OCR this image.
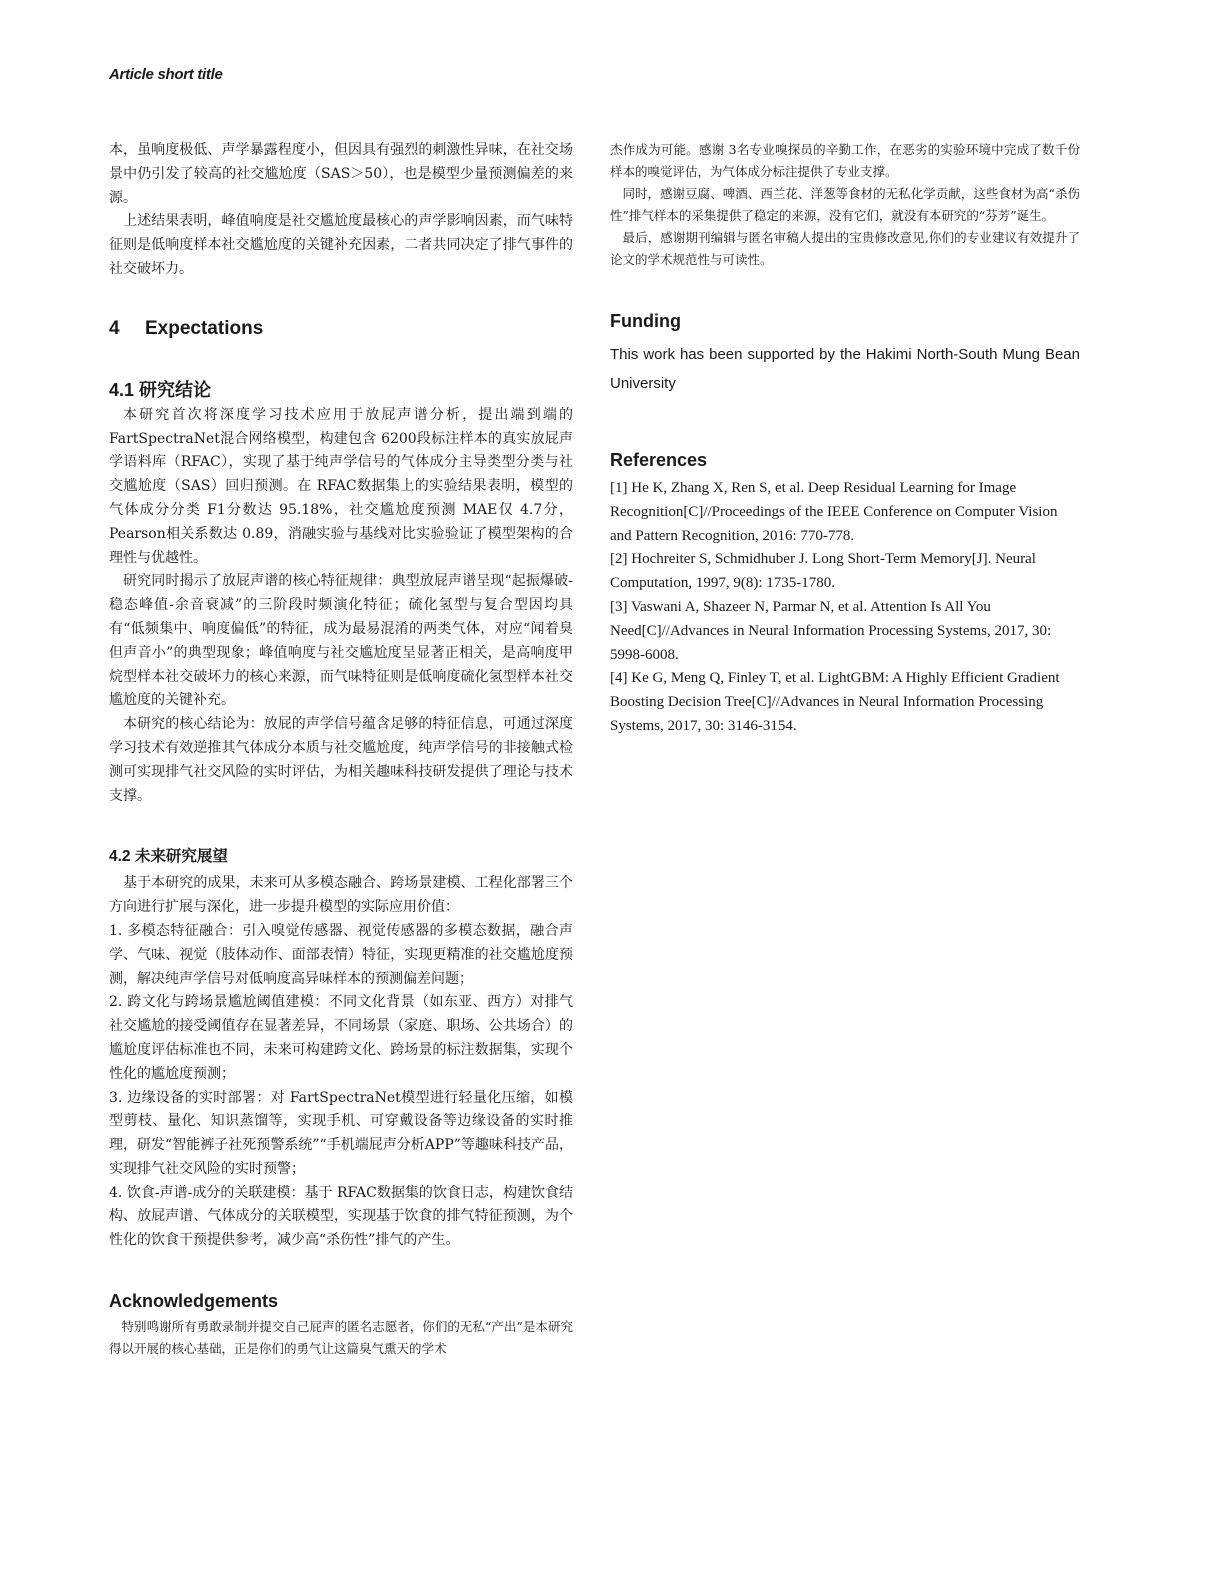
Article short title

本，虽响度极低、声学暴露程度小，但因具有强烈的刺激性异味，在社交场景中仍引发了较高的社交尴尬度（SAS＞50），也是模型少量预测偏差的来源。

上述结果表明，峰值响度是社交尴尬度最核心的声学影响因素，而气味特征则是低响度样本社交尴尬度的关键补充因素，二者共同决定了排气事件的社交破坏力。

4 Expectations
4.1 研究结论

本研究首次将深度学习技术应用于放屁声谱分析，提出端到端的FartSpectraNet混合网络模型，构建包含 6200段标注样本的真实放屁声学语料库（RFAC），实现了基于纯声学信号的气体成分主导类型分类与社交尴尬度（SAS）回归预测。在 RFAC数据集上的实验结果表明，模型的气体成分分类 F1分数达 95.18%，社交尴尬度预测 MAE仅 4.7分，Pearson相关系数达 0.89，消融实验与基线对比实验验证了模型架构的合理性与优越性。

研究同时揭示了放屁声谱的核心特征规律：典型放屁声谱呈现“起振爆破-稳态峰值-余音衰减”的三阶段时频演化特征；硫化氢型与复合型因均具有“低频集中、响度偏低”的特征，成为最易混淆的两类气体，对应“闻着臭但声音小”的典型现象；峰值响度与社交尴尬度呈显著正相关，是高响度甲烷型样本社交破坏力的核心来源，而气味特征则是低响度硫化氢型样本社交尴尬度的关键补充。

本研究的核心结论为：放屁的声学信号蕴含足够的特征信息，可通过深度学习技术有效逆推其气体成分本质与社交尴尬度，纯声学信号的非接触式检测可实现排气社交风险的实时评估，为相关趣味科技研发提供了理论与技术支撑。

4.2 未来研究展望

基于本研究的成果，未来可从多模态融合、跨场景建模、工程化部署三个方向进行扩展与深化，进一步提升模型的实际应用价值：

1. 多模态特征融合：引入嗅觉传感器、视觉传感器的多模态数据，融合声学、气味、视觉（肢体动作、面部表情）特征，实现更精准的社交尴尬度预测，解决纯声学信号对低响度高异味样本的预测偏差问题；

2. 跨文化与跨场景尴尬阈值建模：不同文化背景（如东亚、西方）对排气社交尴尬的接受阈值存在显著差异，不同场景（家庭、职场、公共场合）的尴尬度评估标准也不同，未来可构建跨文化、跨场景的标注数据集，实现个性化的尴尬度预测；

3. 边缘设备的实时部署：对 FartSpectraNet模型进行轻量化压缩，如模型剪枝、量化、知识蒸馏等，实现手机、可穿戴设备等边缘设备的实时推理，研发“智能裤子社死预警系统”“手机端屁声分析APP”等趣味科技产品，实现排气社交风险的实时预警；

4. 饮食-声谱-成分的关联建模：基于 RFAC数据集的饮食日志，构建饮食结构、放屁声谱、气体成分的关联模型，实现基于饮食的排气特征预测，为个性化的饮食干预提供参考，减少高“杀伤性”排气的产生。

Acknowledgements

特别鸣谢所有勇敢录制并提交自己屁声的匿名志愿者，你们的无私“产出”是本研究得以开展的核心基础，正是你们的勇气让这篇臭气熏天的学术

杰作成为可能。感谢 3名专业嗅探员的辛勤工作，在恶劣的实验环境中完成了数千份样本的嗅觉评估，为气体成分标注提供了专业支撑。

同时，感谢豆腐、啤酒、西兰花、洋葱等食材的无私化学贡献，这些食材为高“杀伤性”排气样本的采集提供了稳定的来源，没有它们，就没有本研究的“芬芳”诞生。

最后，感谢期刊编辑与匿名审稿人提出的宝贵修改意见,你们的专业建议有效提升了论文的学术规范性与可读性。

Funding

This work has been supported by the Hakimi North-South Mung Bean University

References

[1] He K, Zhang X, Ren S, et al. Deep Residual Learning for Image Recognition[C]//Proceedings of the IEEE Conference on Computer Vision and Pattern Recognition, 2016: 770-778.

[2] Hochreiter S, Schmidhuber J. Long Short-Term Memory[J]. Neural Computation, 1997, 9(8): 1735-1780.

[3] Vaswani A, Shazeer N, Parmar N, et al. Attention Is All You Need[C]//Advances in Neural Information Processing Systems, 2017, 30: 5998-6008.

[4] Ke G, Meng Q, Finley T, et al. LightGBM: A Highly Efficient Gradient Boosting Decision Tree[C]//Advances in Neural Information Processing Systems, 2017, 30: 3146-3154.
